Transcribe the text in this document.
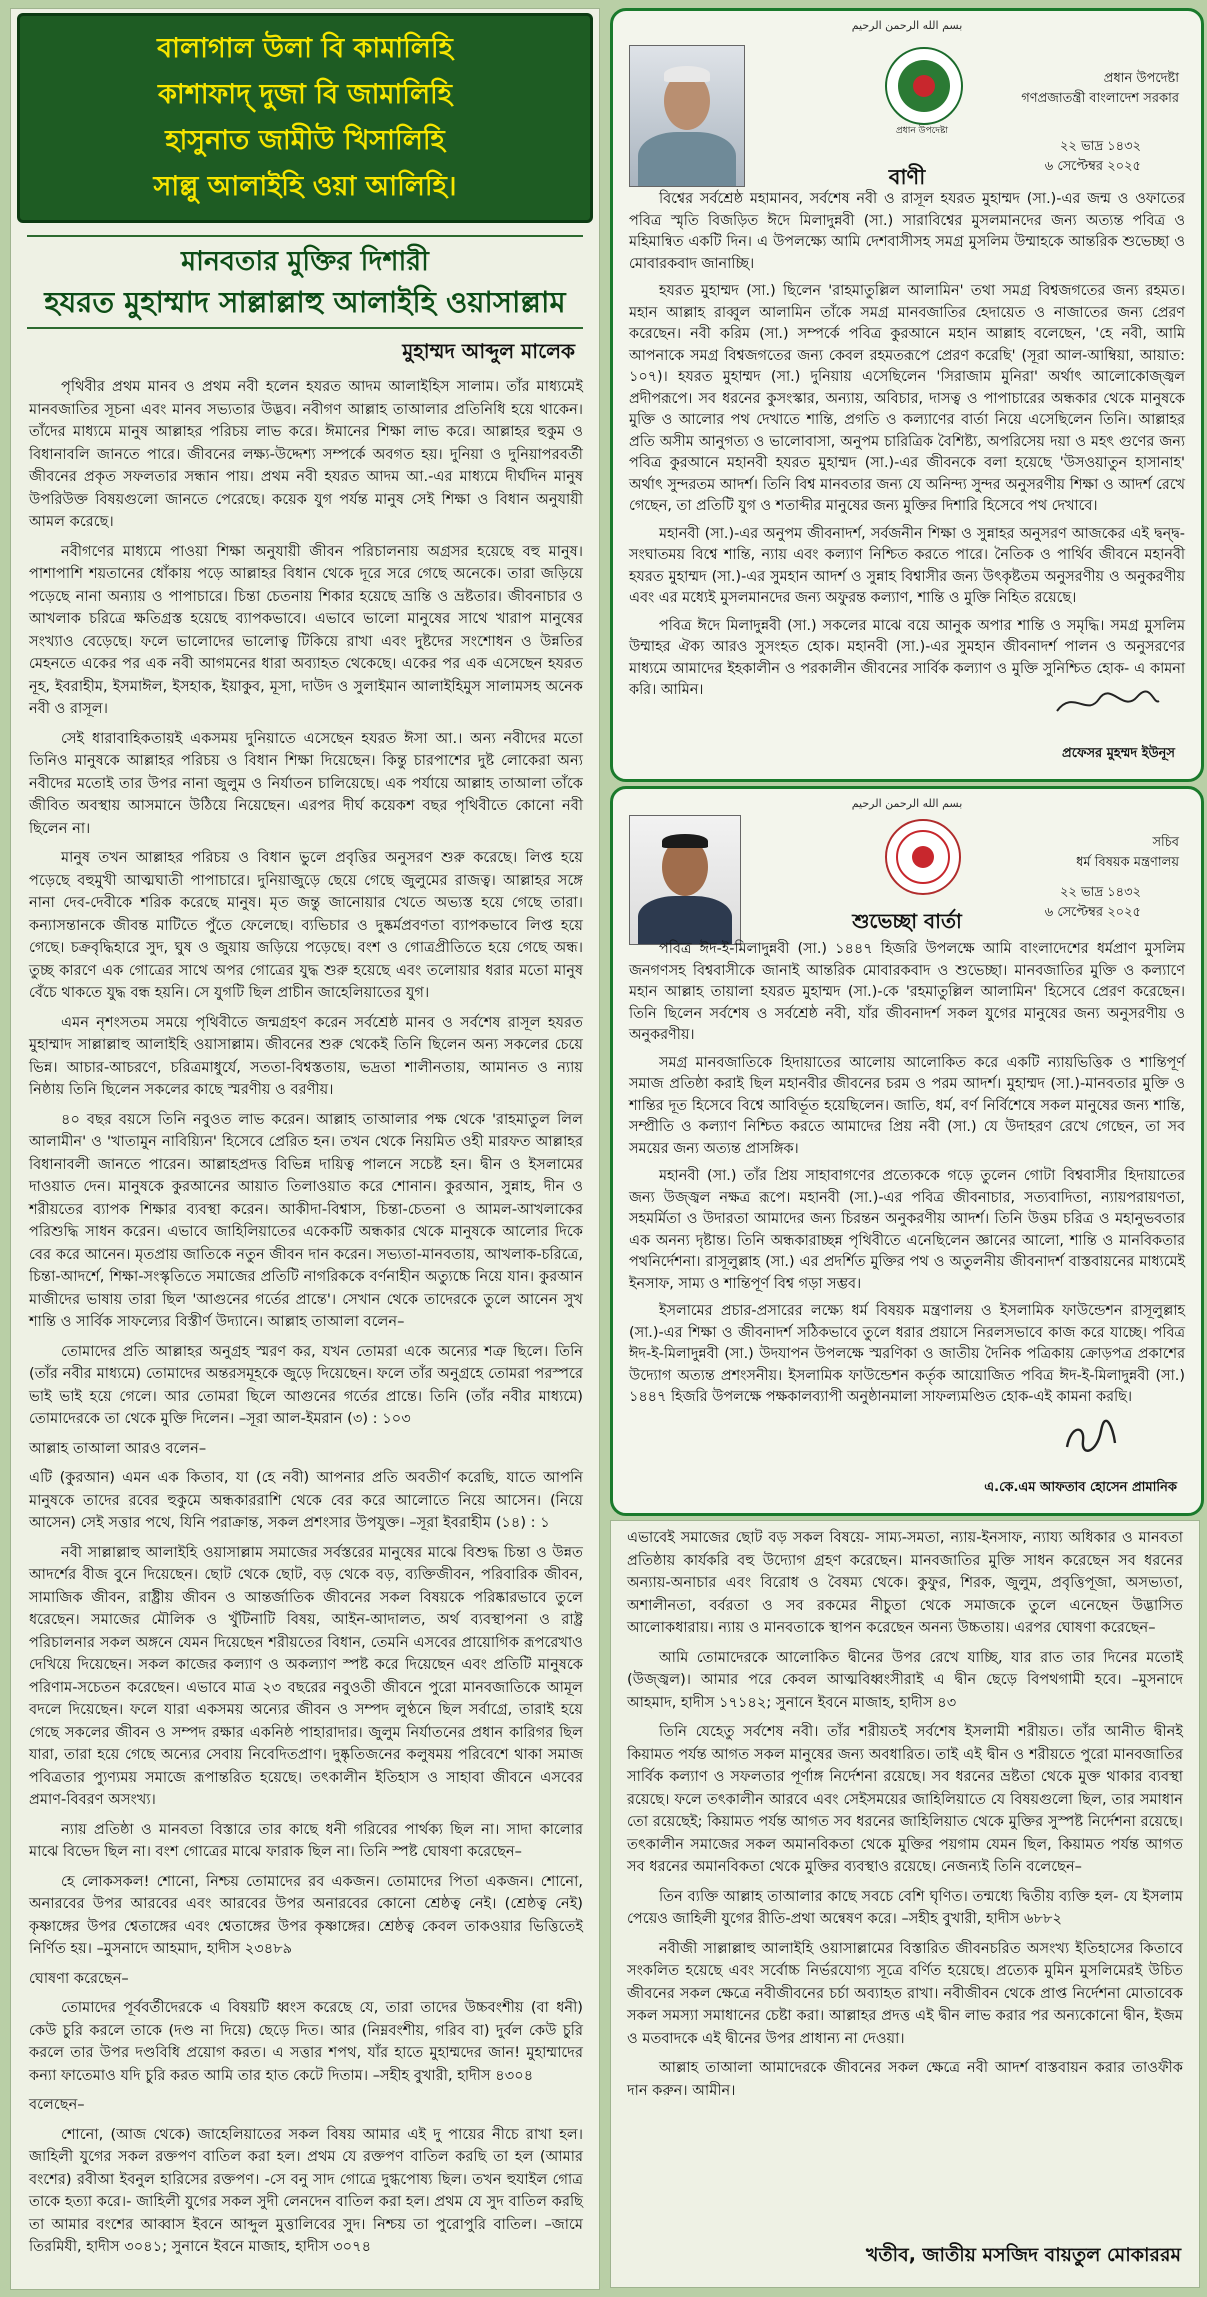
বালাগাল উলা বি কামালিহি
কাশাফাদ্ দুজা বি জামালিহি
হাসুনাত জামীউ খিসালিহি
সাল্লু আলাইহি ওয়া আলিহি।
মানবতার মুক্তির দিশারী
হযরত মুহাম্মাদ সাল্লাল্লাহু আলাইহি ওয়াসাল্লাম
মুহাম্মদ আব্দুল মালেক

পৃথিবীর প্রথম মানব ও প্রথম নবী হলেন হযরত আদম আলাইহিস সালাম। তাঁর মাধ্যমেই মানবজাতির সূচনা এবং মানব সভ্যতার উদ্ভব। নবীগণ আল্লাহ তাআলার প্রতিনিধি হয়ে থাকেন। তাঁদের মাধ্যমে মানুষ আল্লাহর পরিচয় লাভ করে। ঈমানের শিক্ষা লাভ করে। আল্লাহর হুকুম ও বিধানাবলি জানতে পারে। জীবনের লক্ষ্য-উদ্দেশ্য সম্পর্কে অবগত হয়। দুনিয়া ও দুনিয়াপরবর্তী জীবনের প্রকৃত সফলতার সন্ধান পায়। প্রথম নবী হযরত আদম আ.-এর মাধ্যমে দীর্ঘদিন মানুষ উপরিউক্ত বিষয়গুলো জানতে পেরেছে। কয়েক যুগ পর্যন্ত মানুষ সেই শিক্ষা ও বিধান অনুযায়ী আমল করেছে।

নবীগণের মাধ্যমে পাওয়া শিক্ষা অনুযায়ী জীবন পরিচালনায় অগ্রসর হয়েছে বহু মানুষ। পাশাপাশি শয়তানের ধোঁকায় পড়ে আল্লাহর বিধান থেকে দূরে সরে গেছে অনেকে। তারা জড়িয়ে পড়েছে নানা অন্যায় ও পাপাচারে। চিন্তা চেতনায় শিকার হয়েছে ভ্রান্তি ও ভ্রষ্টতার। জীবনাচার ও আখলাক চরিত্রে ক্ষতিগ্রস্ত হয়েছে ব্যাপকভাবে। এভাবে ভালো মানুষের সাথে খারাপ মানুষের সংখ্যাও বেড়েছে। ফলে ভালোদের ভালোত্ব টিকিয়ে রাখা এবং দুষ্টদের সংশোধন ও উন্নতির মেহনতে একের পর এক নবী আগমনের ধারা অব্যাহত থেকেছে। একের পর এক এসেছেন হযরত নূহ, ইবরাহীম, ইসমাঈল, ইসহাক, ইয়াকুব, মূসা, দাউদ ও সুলাইমান আলাইহিমুস সালামসহ অনেক নবী ও রাসূল।

সেই ধারাবাহিকতায়ই একসময় দুনিয়াতে এসেছেন হযরত ঈসা আ.। অন্য নবীদের মতো তিনিও মানুষকে আল্লাহর পরিচয় ও বিধান শিক্ষা দিয়েছেন। কিন্তু চারপাশের দুষ্ট লোকেরা অন্য নবীদের মতোই তার উপর নানা জুলুম ও নির্যাতন চালিয়েছে। এক পর্যায়ে আল্লাহ তাআলা তাঁকে জীবিত অবস্থায় আসমানে উঠিয়ে নিয়েছেন। এরপর দীর্ঘ কয়েকশ বছর পৃথিবীতে কোনো নবী ছিলেন না।

মানুষ তখন আল্লাহর পরিচয় ও বিধান ভুলে প্রবৃত্তির অনুসরণ শুরু করেছে। লিপ্ত হয়ে পড়েছে বহুমুখী আত্মঘাতী পাপাচারে। দুনিয়াজুড়ে ছেয়ে গেছে জুলুমের রাজত্ব। আল্লাহর সঙ্গে নানা দেব-দেবীকে শরিক করেছে মানুষ। মৃত জন্তু জানোয়ার খেতে অভ্যস্ত হয়ে গেছে তারা। কন্যাসন্তানকে জীবন্ত মাটিতে পুঁতে ফেলেছে। ব্যভিচার ও দুষ্কর্মপ্রবণতা ব্যাপকভাবে লিপ্ত হয়ে গেছে। চক্রবৃদ্ধিহারে সুদ, ঘুষ ও জুয়ায় জড়িয়ে পড়েছে। বংশ ও গোত্রপ্রীতিতে হয়ে গেছে অন্ধ। তুচ্ছ কারণে এক গোত্রের সাথে অপর গোত্রের যুদ্ধ শুরু হয়েছে এবং তলোয়ার ধরার মতো মানুষ বেঁচে থাকতে যুদ্ধ বন্ধ হয়নি। সে যুগটি ছিল প্রাচীন জাহেলিয়াতের যুগ।

এমন নৃশংসতম সময়ে পৃথিবীতে জন্মগ্রহণ করেন সর্বশ্রেষ্ঠ মানব ও সর্বশেষ রাসূল হযরত মুহাম্মাদ সাল্লাল্লাহু আলাইহি ওয়াসাল্লাম। জীবনের শুরু থেকেই তিনি ছিলেন অন্য সকলের চেয়ে ভিন্ন। আচার-আচরণে, চরিত্রমাধুর্যে, সততা-বিশ্বস্ততায়, ভদ্রতা শালীনতায়, আমানত ও ন্যায় নিষ্ঠায় তিনি ছিলেন সকলের কাছে স্মরণীয় ও বরণীয়।

৪০ বছর বয়সে তিনি নবুওত লাভ করেন। আল্লাহ তাআলার পক্ষ থেকে 'রাহমাতুল লিল আলামীন' ও 'খাতামুন নাবিয়্যিন' হিসেবে প্রেরিত হন। তখন থেকে নিয়মিত ওহী মারফত আল্লাহর বিধানাবলী জানতে পারেন। আল্লাহপ্রদত্ত বিভিন্ন দায়িত্ব পালনে সচেষ্ট হন। দ্বীন ও ইসলামের দাওয়াত দেন। মানুষকে কুরআনের আয়াত তিলাওয়াত করে শোনান। কুরআন, সুন্নাহ, দীন ও শরীয়তের ব্যাপক শিক্ষার ব্যবস্থা করেন। আকীদা-বিশ্বাস, চিন্তা-চেতনা ও আমল-আখলাকের পরিশুদ্ধি সাধন করেন। এভাবে জাহিলিয়াতের একেকটি অন্ধকার থেকে মানুষকে আলোর দিকে বের করে আনেন। মৃতপ্রায় জাতিকে নতুন জীবন দান করেন। সভ্যতা-মানবতায়, আখলাক-চরিত্রে, চিন্তা-আদর্শে, শিক্ষা-সংস্কৃতিতে সমাজের প্রতিটি নাগরিককে বর্ণনাহীন অত্যুচ্চে নিয়ে যান। কুরআন মাজীদের ভাষায় তারা ছিল 'আগুনের গর্তের প্রান্তে'। সেখান থেকে তাদেরকে তুলে আনেন সুখ শান্তি ও সার্বিক সাফল্যের বিস্তীর্ণ উদ্যানে। আল্লাহ তাআলা বলেন–

তোমাদের প্রতি আল্লাহর অনুগ্রহ স্মরণ কর, যখন তোমরা একে অন্যের শত্রু ছিলে। তিনি (তাঁর নবীর মাধ্যমে) তোমাদের অন্তরসমূহকে জুড়ে দিয়েছেন। ফলে তাঁর অনুগ্রহে তোমরা পরস্পরে ভাই ভাই হয়ে গেলে। আর তোমরা ছিলে আগুনের গর্তের প্রান্তে। তিনি (তাঁর নবীর মাধ্যমে) তোমাদেরকে তা থেকে মুক্তি দিলেন। –সূরা আল-ইমরান (৩) : ১০৩

আল্লাহ তাআলা আরও বলেন–

এটি (কুরআন) এমন এক কিতাব, যা (হে নবী) আপনার প্রতি অবতীর্ণ করেছি, যাতে আপনি মানুষকে তাদের রবের হুকুমে অন্ধকাররাশি থেকে বের করে আলোতে নিয়ে আসেন। (নিয়ে আসেন) সেই সত্তার পথে, যিনি পরাক্রান্ত, সকল প্রশংসার উপযুক্ত। –সূরা ইবরাহীম (১৪) : ১

নবী সাল্লাল্লাহু আলাইহি ওয়াসাল্লাম সমাজের সর্বস্তরের মানুষের মাঝে বিশুদ্ধ চিন্তা ও উন্নত আদর্শের বীজ বুনে দিয়েছেন। ছোট থেকে ছোট, বড় থেকে বড়, ব্যক্তিজীবন, পরিবারিক জীবন, সামাজিক জীবন, রাষ্ট্রীয় জীবন ও আন্তর্জাতিক জীবনের সকল বিষয়কে পরিষ্কারভাবে তুলে ধরেছেন। সমাজের মৌলিক ও খুঁটিনাটি বিষয়, আইন-আদালত, অর্থ ব্যবস্থাপনা ও রাষ্ট্র পরিচালনার সকল অঙ্গনে যেমন দিয়েছেন শরীয়তের বিধান, তেমনি এসবের প্রায়োগিক রূপরেখাও দেখিয়ে দিয়েছেন। সকল কাজের কল্যাণ ও অকল্যাণ স্পষ্ট করে দিয়েছেন এবং প্রতিটি মানুষকে পরিণাম-সচেতন করেছেন। এভাবে মাত্র ২৩ বছরের নবুওতী জীবনে পুরো মানবজাতিকে আমূল বদলে দিয়েছেন। ফলে যারা একসময় অন্যের জীবন ও সম্পদ লুণ্ঠনে ছিল সর্বাগ্রে, তারাই হয়ে গেছে সকলের জীবন ও সম্পদ রক্ষার একনিষ্ঠ পাহারাদার। জুলুম নির্যাতনের প্রধান কারিগর ছিল যারা, তারা হয়ে গেছে অন্যের সেবায় নিবেদিতপ্রাণ। দুষ্কৃতিজনের কলুষময় পরিবেশে থাকা সমাজ পবিত্রতার প্যুণ্যময় সমাজে রূপান্তরিত হয়েছে। তৎকালীন ইতিহাস ও সাহাবা জীবনে এসবের প্রমাণ-বিবরণ অসংখ্য।

ন্যায় প্রতিষ্ঠা ও মানবতা বিস্তারে তার কাছে ধনী গরিবের পার্থক্য ছিল না। সাদা কালোর মাঝে বিভেদ ছিল না। বংশ গোত্রের মাঝে ফারাক ছিল না। তিনি স্পষ্ট ঘোষণা করেছেন–

হে লোকসকল! শোনো, নিশ্চয় তোমাদের রব একজন। তোমাদের পিতা একজন। শোনো, অনারবের উপর আরবের এবং আরবের উপর অনারবের কোনো শ্রেষ্ঠত্ব নেই। (শ্রেষ্ঠত্ব নেই) কৃষ্ণাঙ্গের উপর শ্বেতাঙ্গের এবং শ্বেতাঙ্গের উপর কৃষ্ণাঙ্গের। শ্রেষ্ঠত্ব কেবল তাকওয়ার ভিত্তিতেই নির্ণিত হয়। –মুসনাদে আহমাদ, হাদীস ২৩৪৮৯

ঘোষণা করেছেন–

তোমাদের পূর্ববর্তীদেরকে এ বিষয়টি ধ্বংস করেছে যে, তারা তাদের উচ্চবংশীয় (বা ধনী) কেউ চুরি করলে তাকে (দণ্ড না দিয়ে) ছেড়ে দিত। আর (নিম্নবংশীয়, গরিব বা) দুর্বল কেউ চুরি করলে তার উপর দণ্ডবিধি প্রয়োগ করত। এ সত্তার শপথ, যাঁর হাতে মুহাম্মদের জান! মুহাম্মাদের কন্যা ফাতেমাও যদি চুরি করত আমি তার হাত কেটে দিতাম। –সহীহ বুখারী, হাদীস ৪৩০৪

বলেছেন–

শোনো, (আজ থেকে) জাহেলিয়াতের সকল বিষয় আমার এই দু পায়ের নীচে রাখা হল। জাহিলী যুগের সকল রক্তপণ বাতিল করা হল। প্রথম যে রক্তপণ বাতিল করছি তা হল (আমার বংশের) রবীআ ইবনুল হারিসের রক্তপণ। -সে বনু সাদ গোত্রে দুগ্ধপোষ্য ছিল। তখন হুযাইল গোত্র তাকে হত্যা করে।- জাহিলী যুগের সকল সুদী লেনদেন বাতিল করা হল। প্রথম যে সুদ বাতিল করছি তা আমার বংশের আব্বাস ইবনে আব্দুল মুত্তালিবের সুদ। নিশ্চয় তা পুরোপুরি বাতিল। –জামে তিরমিযী, হাদীস ৩০৪১; সুনানে ইবনে মাজাহ, হাদীস ৩০৭৪

بسم الله الرحمن الرحيم
প্রধান উপদেষ্টা
প্রধান উপদেষ্টা
গণপ্রজাতন্ত্রী বাংলাদেশ সরকার
২২ ভাদ্র ১৪৩২
৬ সেপ্টেম্বর ২০২৫
বাণী

বিশ্বের সর্বশ্রেষ্ঠ মহামানব, সর্বশেষ নবী ও রাসূল হযরত মুহাম্মদ (সা.)-এর জন্ম ও ওফাতের পবিত্র স্মৃতি বিজড়িত ঈদে মিলাদুন্নবী (সা.) সারাবিশ্বের মুসলমানদের জন্য অত্যন্ত পবিত্র ও মহিমান্বিত একটি দিন। এ উপলক্ষ্যে আমি দেশবাসীসহ সমগ্র মুসলিম উম্মাহকে আন্তরিক শুভেচ্ছা ও মোবারকবাদ জানাচ্ছি।

হযরত মুহাম্মদ (সা.) ছিলেন 'রাহমাতুল্লিল আলামিন' তথা সমগ্র বিশ্বজগতের জন্য রহমত। মহান আল্লাহ রাব্বুল আলামিন তাঁকে সমগ্র মানবজাতির হেদায়েত ও নাজাতের জন্য প্রেরণ করেছেন। নবী করিম (সা.) সম্পর্কে পবিত্র কুরআনে মহান আল্লাহ বলেছেন, 'হে নবী, আমি আপনাকে সমগ্র বিশ্বজগতের জন্য কেবল রহমতরূপে প্রেরণ করেছি' (সূরা আল-আম্বিয়া, আয়াত: ১০৭)। হযরত মুহাম্মদ (সা.) দুনিয়ায় এসেছিলেন 'সিরাজাম মুনিরা' অর্থাৎ আলোকোজ্জ্বল প্রদীপরূপে। সব ধরনের কুসংস্কার, অন্যায়, অবিচার, দাসত্ব ও পাপাচারের অন্ধকার থেকে মানুষকে মুক্তি ও আলোর পথ দেখাতে শান্তি, প্রগতি ও কল্যাণের বার্তা নিয়ে এসেছিলেন তিনি। আল্লাহর প্রতি অসীম আনুগত্য ও ভালোবাসা, অনুপম চারিত্রিক বৈশিষ্ট্য, অপরিসেয় দয়া ও মহৎ গুণের জন্য পবিত্র কুরআনে মহানবী হযরত মুহাম্মদ (সা.)-এর জীবনকে বলা হয়েছে 'উসওয়াতুন হাসানাহ' অর্থাৎ সুন্দরতম আদর্শ। তিনি বিশ্ব মানবতার জন্য যে অনিন্দ্য সুন্দর অনুসরণীয় শিক্ষা ও আদর্শ রেখে গেছেন, তা প্রতিটি যুগ ও শতাব্দীর মানুষের জন্য মুক্তির দিশারি হিসেবে পথ দেখাবে।

মহানবী (সা.)-এর অনুপম জীবনাদর্শ, সর্বজনীন শিক্ষা ও সুন্নাহর অনুসরণ আজকের এই দ্বন্দ্ব-সংঘাতময় বিশ্বে শান্তি, ন্যায় এবং কল্যাণ নিশ্চিত করতে পারে। নৈতিক ও পার্থিব জীবনে মহানবী হযরত মুহাম্মদ (সা.)-এর সুমহান আদর্শ ও সুন্নাহ বিশ্বাসীর জন্য উৎকৃষ্টতম অনুসরণীয় ও অনুকরণীয় এবং এর মধ্যেই মুসলমানদের জন্য অফুরন্ত কল্যাণ, শান্তি ও মুক্তি নিহিত রয়েছে।

পবিত্র ঈদে মিলাদুন্নবী (সা.) সকলের মাঝে বয়ে আনুক অপার শান্তি ও সমৃদ্ধি। সমগ্র মুসলিম উম্মাহর ঐক্য আরও সুসংহত হোক। মহানবী (সা.)-এর সুমহান জীবনাদর্শ পালন ও অনুসরণের মাধ্যমে আমাদের ইহকালীন ও পরকালীন জীবনের সার্বিক কল্যাণ ও মুক্তি সুনিশ্চিত হোক- এ কামনা করি। আমিন।

প্রফেসর মুহম্মদ ইউনূস
بسم الله الرحمن الرحيم
সচিব
ধর্ম বিষয়ক মন্ত্রণালয়
২২ ভাদ্র ১৪৩২
৬ সেপ্টেম্বর ২০২৫
শুভেচ্ছা বার্তা

পবিত্র ঈদ-ই-মিলাদুন্নবী (সা.) ১৪৪৭ হিজরি উপলক্ষে আমি বাংলাদেশের ধর্মপ্রাণ মুসলিম জনগণসহ বিশ্ববাসীকে জানাই আন্তরিক মোবারকবাদ ও শুভেচ্ছা। মানবজাতির মুক্তি ও কল্যাণে মহান আল্লাহ তায়ালা হযরত মুহাম্মদ (সা.)-কে 'রহমাতুল্লিল আলামিন' হিসেবে প্রেরণ করেছেন। তিনি ছিলেন সর্বশেষ ও সর্বশ্রেষ্ঠ নবী, যাঁর জীবনাদর্শ সকল যুগের মানুষের জন্য অনুসরণীয় ও অনুকরণীয়।

সমগ্র মানবজাতিকে হিদায়াতের আলোয় আলোকিত করে একটি ন্যায়ভিত্তিক ও শান্তিপূর্ণ সমাজ প্রতিষ্ঠা করাই ছিল মহানবীর জীবনের চরম ও পরম আদর্শ। মুহাম্মদ (সা.)-মানবতার মুক্তি ও শান্তির দূত হিসেবে বিশ্বে আবির্ভূত হয়েছিলেন। জাতি, ধর্ম, বর্ণ নির্বিশেষে সকল মানুষের জন্য শান্তি, সম্প্রীতি ও কল্যাণ নিশ্চিত করতে আমাদের প্রিয় নবী (সা.) যে উদাহরণ রেখে গেছেন, তা সব সময়ের জন্য অত্যন্ত প্রাসঙ্গিক।

মহানবী (সা.) তাঁর প্রিয় সাহাবাগণের প্রত্যেককে গড়ে তুলেন গোটা বিশ্ববাসীর হিদায়াতের জন্য উজ্জ্বল নক্ষত্র রূপে। মহানবী (সা.)-এর পবিত্র জীবনাচার, সত্যবাদিতা, ন্যায়পরায়ণতা, সহমর্মিতা ও উদারতা আমাদের জন্য চিরন্তন অনুকরণীয় আদর্শ। তিনি উত্তম চরিত্র ও মহানুভবতার এক অনন্য দৃষ্টান্ত। তিনি অন্ধকারাচ্ছন্ন পৃথিবীতে এনেছিলেন জ্ঞানের আলো, শান্তি ও মানবিকতার পথনির্দেশনা। রাসূলুল্লাহ (সা.) এর প্রদর্শিত মুক্তির পথ ও অতুলনীয় জীবনাদর্শ বাস্তবায়নের মাধ্যমেই ইনসাফ, সাম্য ও শান্তিপূর্ণ বিশ্ব গড়া সম্ভব।

ইসলামের প্রচার-প্রসারের লক্ষ্যে ধর্ম বিষয়ক মন্ত্রণালয় ও ইসলামিক ফাউন্ডেশন রাসূলুল্লাহ (সা.)-এর শিক্ষা ও জীবনাদর্শ সঠিকভাবে তুলে ধরার প্রয়াসে নিরলসভাবে কাজ করে যাচ্ছে। পবিত্র ঈদ-ই-মিলাদুন্নবী (সা.) উদযাপন উপলক্ষে স্মরণিকা ও জাতীয় দৈনিক পত্রিকায় ক্রোড়পত্র প্রকাশের উদ্যোগ অত্যন্ত প্রশংসনীয়। ইসলামিক ফাউন্ডেশন কর্তৃক আয়োজিত পবিত্র ঈদ-ই-মিলাদুন্নবী (সা.) ১৪৪৭ হিজরি উপলক্ষে পক্ষকালব্যাপী অনুষ্ঠানমালা সাফল্যমণ্ডিত হোক-এই কামনা করছি।

এ.কে.এম আফতাব হোসেন প্রামানিক

এভাবেই সমাজের ছোট বড় সকল বিষয়ে- সাম্য-সমতা, ন্যায়-ইনসাফ, ন্যায্য অধিকার ও মানবতা প্রতিষ্ঠায় কার্যকরি বহু উদ্যোগ গ্রহণ করেছেন। মানবজাতির মুক্তি সাধন করেছেন সব ধরনের অন্যায়-অনাচার এবং বিরোধ ও বৈষম্য থেকে। কুফুর, শিরক, জুলুম, প্রবৃত্তিপূজা, অসভ্যতা, অশালীনতা, বর্বরতা ও সব রকমের নীচুতা থেকে সমাজকে তুলে এনেছেন উদ্ভাসিত আলোকধারায়। ন্যায় ও মানবতাকে স্থাপন করেছেন অনন্য উচ্চতায়। এরপর ঘোষণা করেছেন–

আমি তোমাদেরকে আলোকিত দ্বীনের উপর রেখে যাচ্ছি, যার রাত তার দিনের মতোই (উজ্জ্বল)। আমার পরে কেবল আত্মবিধ্বংসীরাই এ দ্বীন ছেড়ে বিপথগামী হবে। –মুসনাদে আহমাদ, হাদীস ১৭১৪২; সুনানে ইবনে মাজাহ, হাদীস ৪৩

তিনি যেহেতু সর্বশেষ নবী। তাঁর শরীয়তই সর্বশেষ ইসলামী শরীয়ত। তাঁর আনীত দ্বীনই কিয়ামত পর্যন্ত আগত সকল মানুষের জন্য অবধারিত। তাই এই দ্বীন ও শরীয়তে পুরো মানবজাতির সার্বিক কল্যাণ ও সফলতার পূর্ণাঙ্গ নির্দেশনা রয়েছে। সব ধরনের ভ্রষ্টতা থেকে মুক্ত থাকার ব্যবস্থা রয়েছে। ফলে তৎকালীন আরবে এবং সেইসময়ের জাহিলিয়াতে যে বিষয়গুলো ছিল, তার সমাধান তো রয়েছেই; কিয়ামত পর্যন্ত আগত সব ধরনের জাহিলিয়াত থেকে মুক্তির সুস্পষ্ট নির্দেশনা রয়েছে। তৎকালীন সমাজের সকল অমানবিকতা থেকে মুক্তির পয়গাম যেমন ছিল, কিয়ামত পর্যন্ত আগত সব ধরনের অমানবিকতা থেকে মুক্তির ব্যবস্থাও রয়েছে। নেজন্যই তিনি বলেছেন–

তিন ব্যক্তি আল্লাহ তাআলার কাছে সবচে বেশি ঘৃণিত। তন্মধ্যে দ্বিতীয় ব্যক্তি হল- যে ইসলাম পেয়েও জাহিলী যুগের রীতি-প্রথা অন্বেষণ করে। –সহীহ বুখারী, হাদীস ৬৮৮২

নবীজী সাল্লাল্লাহু আলাইহি ওয়াসাল্লামের বিস্তারিত জীবনচরিত অসংখ্য ইতিহাসের কিতাবে সংকলিত হয়েছে এবং সর্বোচ্চ নির্ভরযোগ্য সূত্রে বর্ণিত হয়েছে। প্রত্যেক মুমিন মুসলিমেরই উচিত জীবনের সকল ক্ষেত্রে নবীজীবনের চর্চা অব্যাহত রাখা। নবীজীবন থেকে প্রাপ্ত নির্দেশনা মোতাবেক সকল সমস্যা সমাধানের চেষ্টা করা। আল্লাহর প্রদত্ত এই দ্বীন লাভ করার পর অন্যকোনো দ্বীন, ইজম ও মতবাদকে এই দ্বীনের উপর প্রাধান্য না দেওয়া।

আল্লাহ তাআলা আমাদেরকে জীবনের সকল ক্ষেত্রে নবী আদর্শ বাস্তবায়ন করার তাওফীক দান করুন। আমীন।

খতীব, জাতীয় মসজিদ বায়তুল মোকাররম
